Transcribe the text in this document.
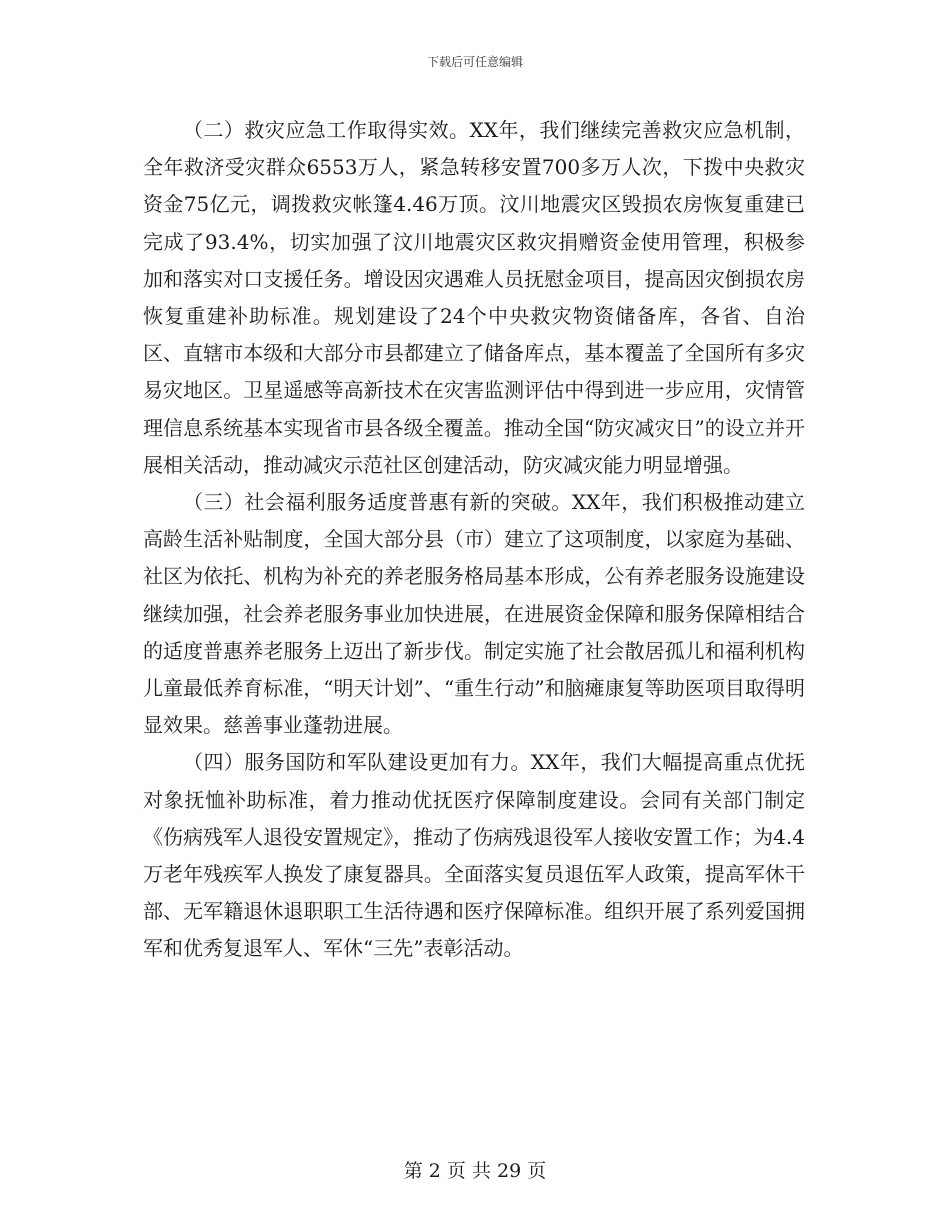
下载后可任意编辑

（二）救灾应急工作取得实效。XX年，我们继续完善救灾应急机制，全年救济受灾群众6553万人，紧急转移安置700多万人次，下拨中央救灾资金75亿元，调拨救灾帐篷4.46万顶。汶川地震灾区毁损农房恢复重建已完成了93.4%，切实加强了汶川地震灾区救灾捐赠资金使用管理，积极参加和落实对口支援任务。增设因灾遇难人员抚慰金项目，提高因灾倒损农房恢复重建补助标准。规划建设了24个中央救灾物资储备库，各省、自治区、直辖市本级和大部分市县都建立了储备库点，基本覆盖了全国所有多灾易灾地区。卫星遥感等高新技术在灾害监测评估中得到进一步应用，灾情管理信息系统基本实现省市县各级全覆盖。推动全国“防灾减灾日”的设立并开展相关活动，推动减灾示范社区创建活动，防灾减灾能力明显增强。

（三）社会福利服务适度普惠有新的突破。XX年，我们积极推动建立高龄生活补贴制度，全国大部分县（市）建立了这项制度，以家庭为基础、社区为依托、机构为补充的养老服务格局基本形成，公有养老服务设施建设继续加强，社会养老服务事业加快进展，在进展资金保障和服务保障相结合的适度普惠养老服务上迈出了新步伐。制定实施了社会散居孤儿和福利机构儿童最低养育标准，“明天计划”、“重生行动”和脑瘫康复等助医项目取得明显效果。慈善事业蓬勃进展。

（四）服务国防和军队建设更加有力。XX年，我们大幅提高重点优抚对象抚恤补助标准，着力推动优抚医疗保障制度建设。会同有关部门制定《伤病残军人退役安置规定》，推动了伤病残退役军人接收安置工作；为4.4万老年残疾军人换发了康复器具。全面落实复员退伍军人政策，提高军休干部、无军籍退休退职职工生活待遇和医疗保障标准。组织开展了系列爱国拥军和优秀复退军人、军休“三先”表彰活动。

第 2 页 共 29 页
